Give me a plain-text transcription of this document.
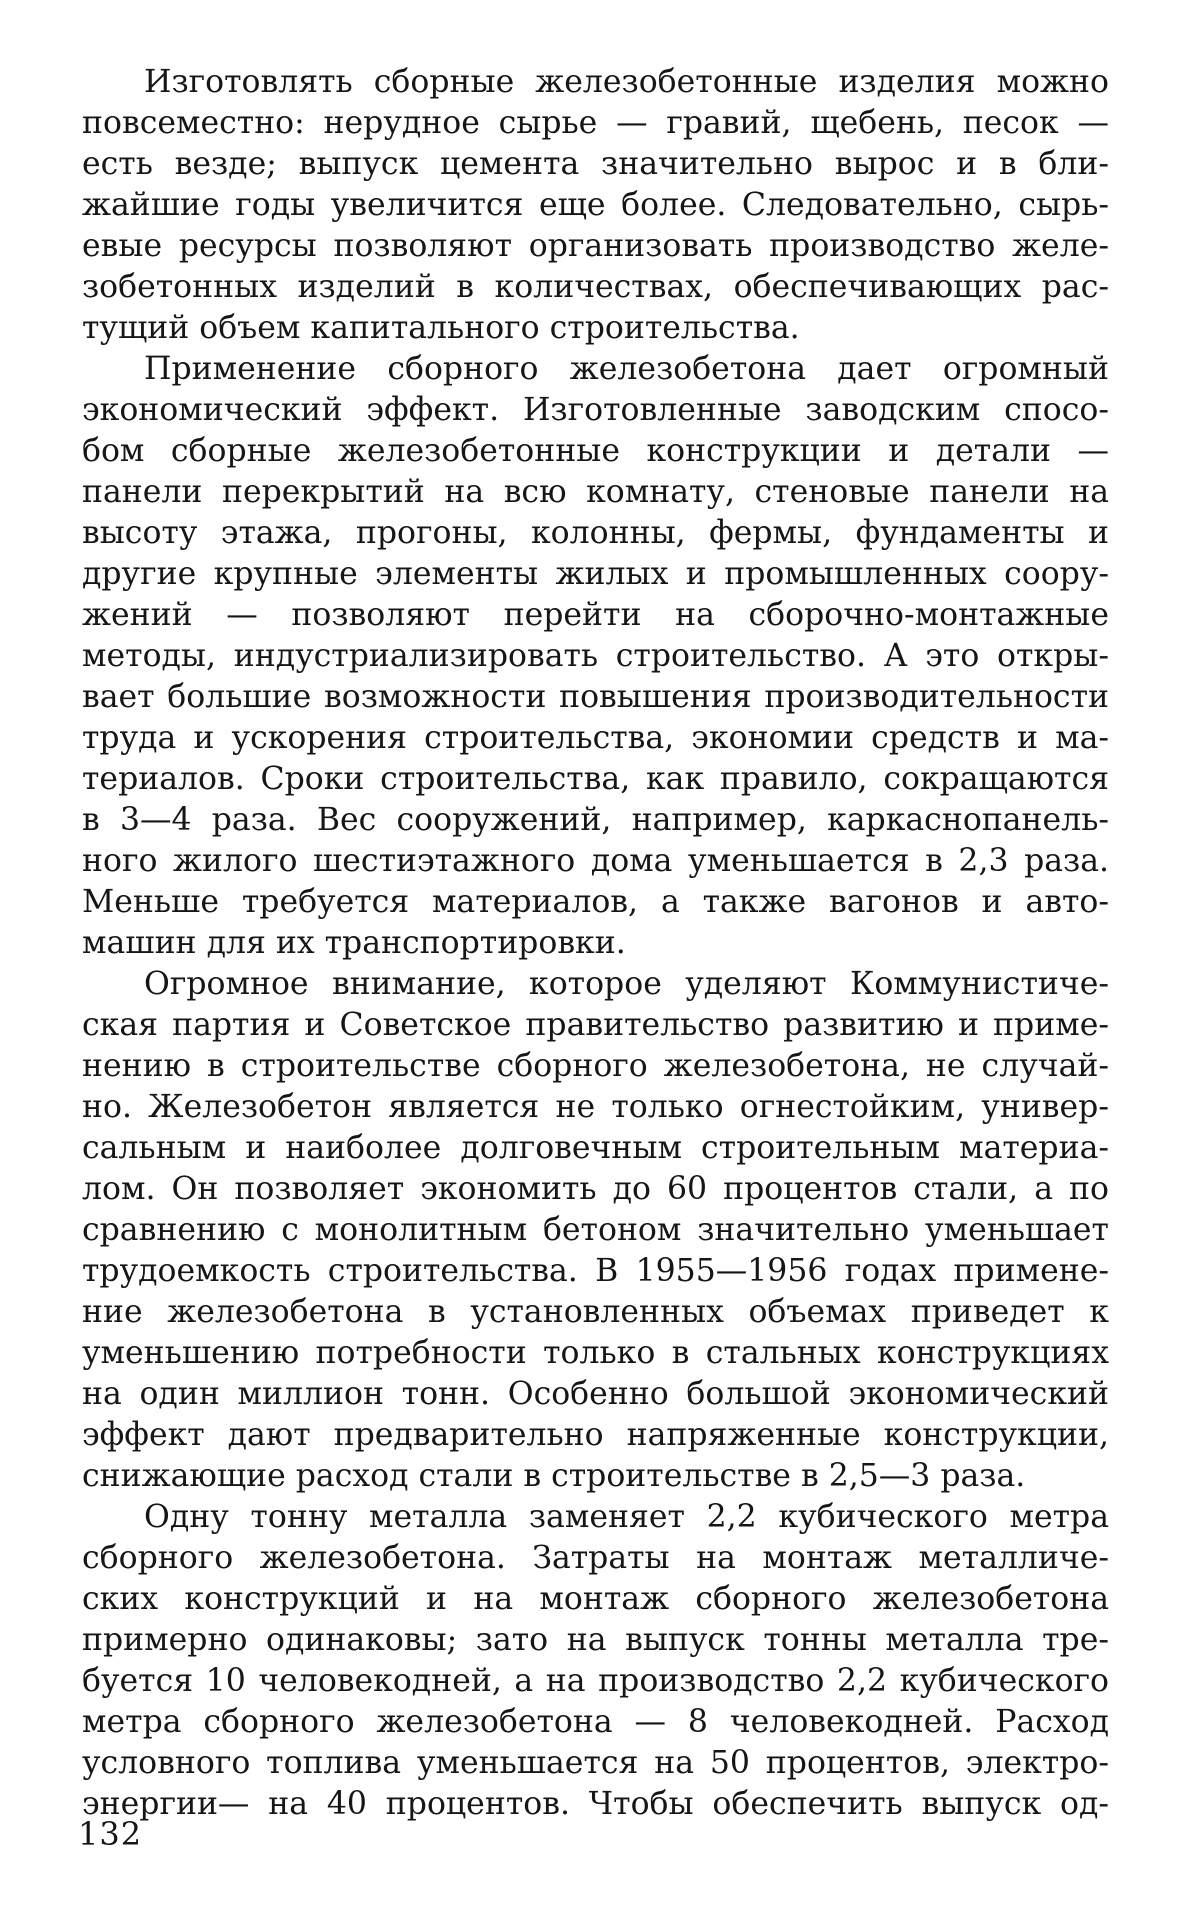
Изготовлять сборные железобетонные изделия можно
повсеместно: нерудное сырье — гравий, щебень, песок —
есть везде; выпуск цемента значительно вырос и в бли-
жайшие годы увеличится еще более. Следовательно, сырь-
евые ресурсы позволяют организовать производство желе-
зобетонных изделий в количествах, обеспечивающих рас-
тущий объем капитального строительства.
Применение сборного железобетона дает огромный
экономический эффект. Изготовленные заводским спосо-
бом сборные железобетонные конструкции и детали —
панели перекрытий на всю комнату, стеновые панели на
высоту этажа, прогоны, колонны, фермы, фундаменты и
другие крупные элементы жилых и промышленных соору-
жений — позволяют перейти на сборочно-монтажные
методы, индустриализировать строительство. А это откры-
вает большие возможности повышения производительности
труда и ускорения строительства, экономии средств и ма-
териалов. Сроки строительства, как правило, сокращаются
в 3—4 раза. Вес сооружений, например, каркаснопанель-
ного жилого шестиэтажного дома уменьшается в 2,3 раза.
Меньше требуется материалов, а также вагонов и авто-
машин для их транспортировки.
Огромное внимание, которое уделяют Коммунистиче-
ская партия и Советское правительство развитию и приме-
нению в строительстве сборного железобетона, не случай-
но. Железобетон является не только огнестойким, универ-
сальным и наиболее долговечным строительным материа-
лом. Он позволяет экономить до 60 процентов стали, а по
сравнению с монолитным бетоном значительно уменьшает
трудоемкость строительства. В 1955—1956 годах примене-
ние железобетона в установленных объемах приведет к
уменьшению потребности только в стальных конструкциях
на один миллион тонн. Особенно большой экономический
эффект дают предварительно напряженные конструкции,
снижающие расход стали в строительстве в 2,5—3 раза.
Одну тонну металла заменяет 2,2 кубического метра
сборного железобетона. Затраты на монтаж металличе-
ских конструкций и на монтаж сборного железобетона
примерно одинаковы; зато на выпуск тонны металла тре-
буется 10 человекодней, а на производство 2,2 кубического
метра сборного железобетона — 8 человекодней. Расход
условного топлива уменьшается на 50 процентов, электро-
энергии— на 40 процентов. Чтобы обеспечить выпуск од-
132
